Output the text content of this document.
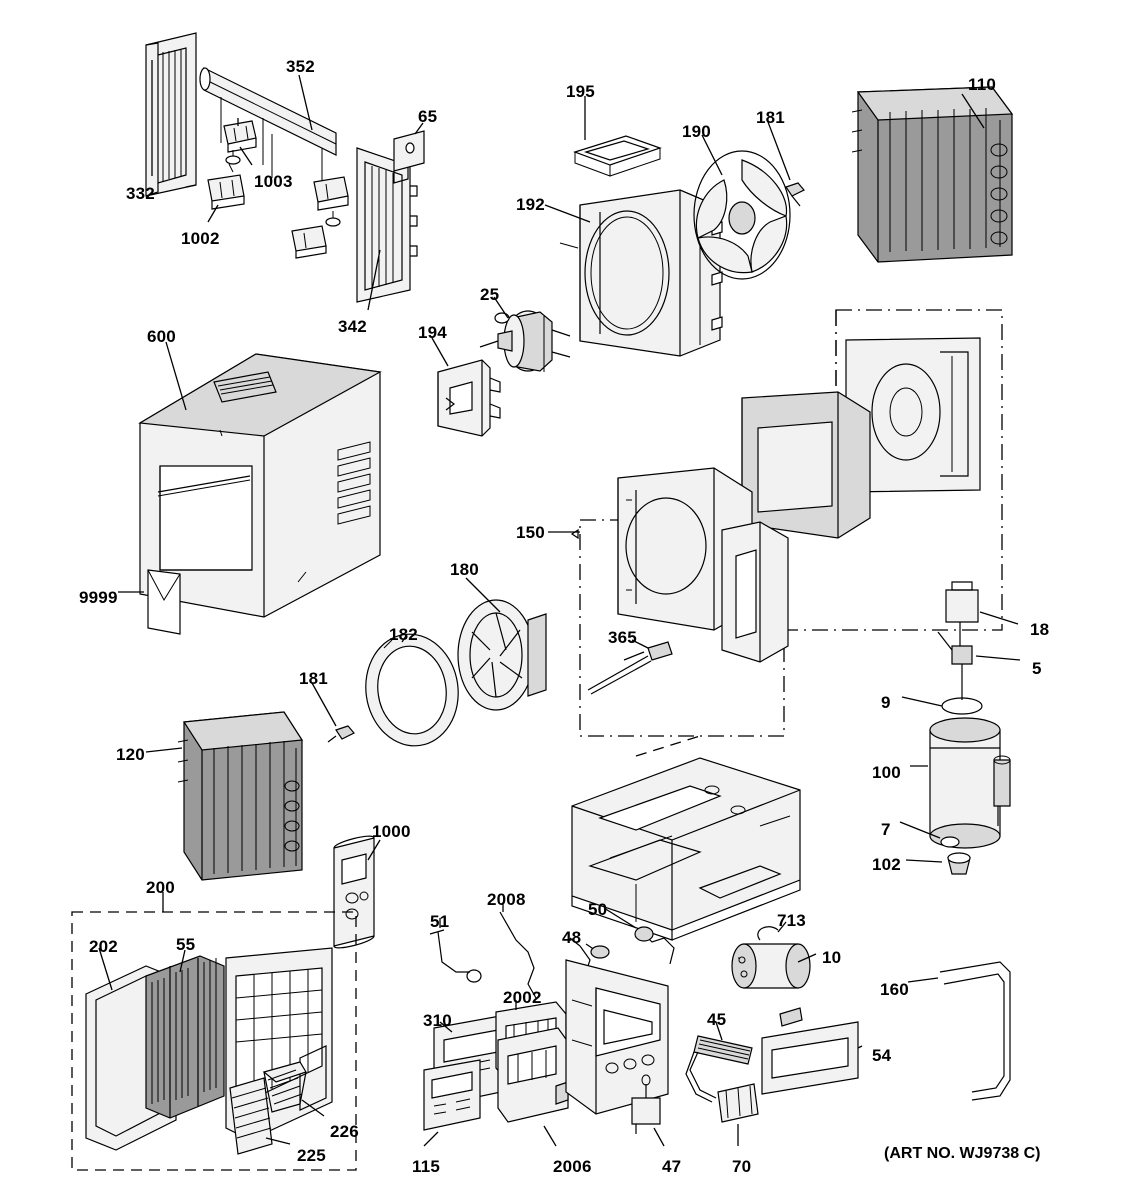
332
352
1003
1002
65
342
195
190
181
110
192
25
194
600
150
9999
180
182	365	18
5
9
181
120
100
7
102
1000
200
202	55
51
2008
50
48
713
10
160
2002
310	45
54
226
225
115	2006	47	70
(ART NO. WJ9738 C)
